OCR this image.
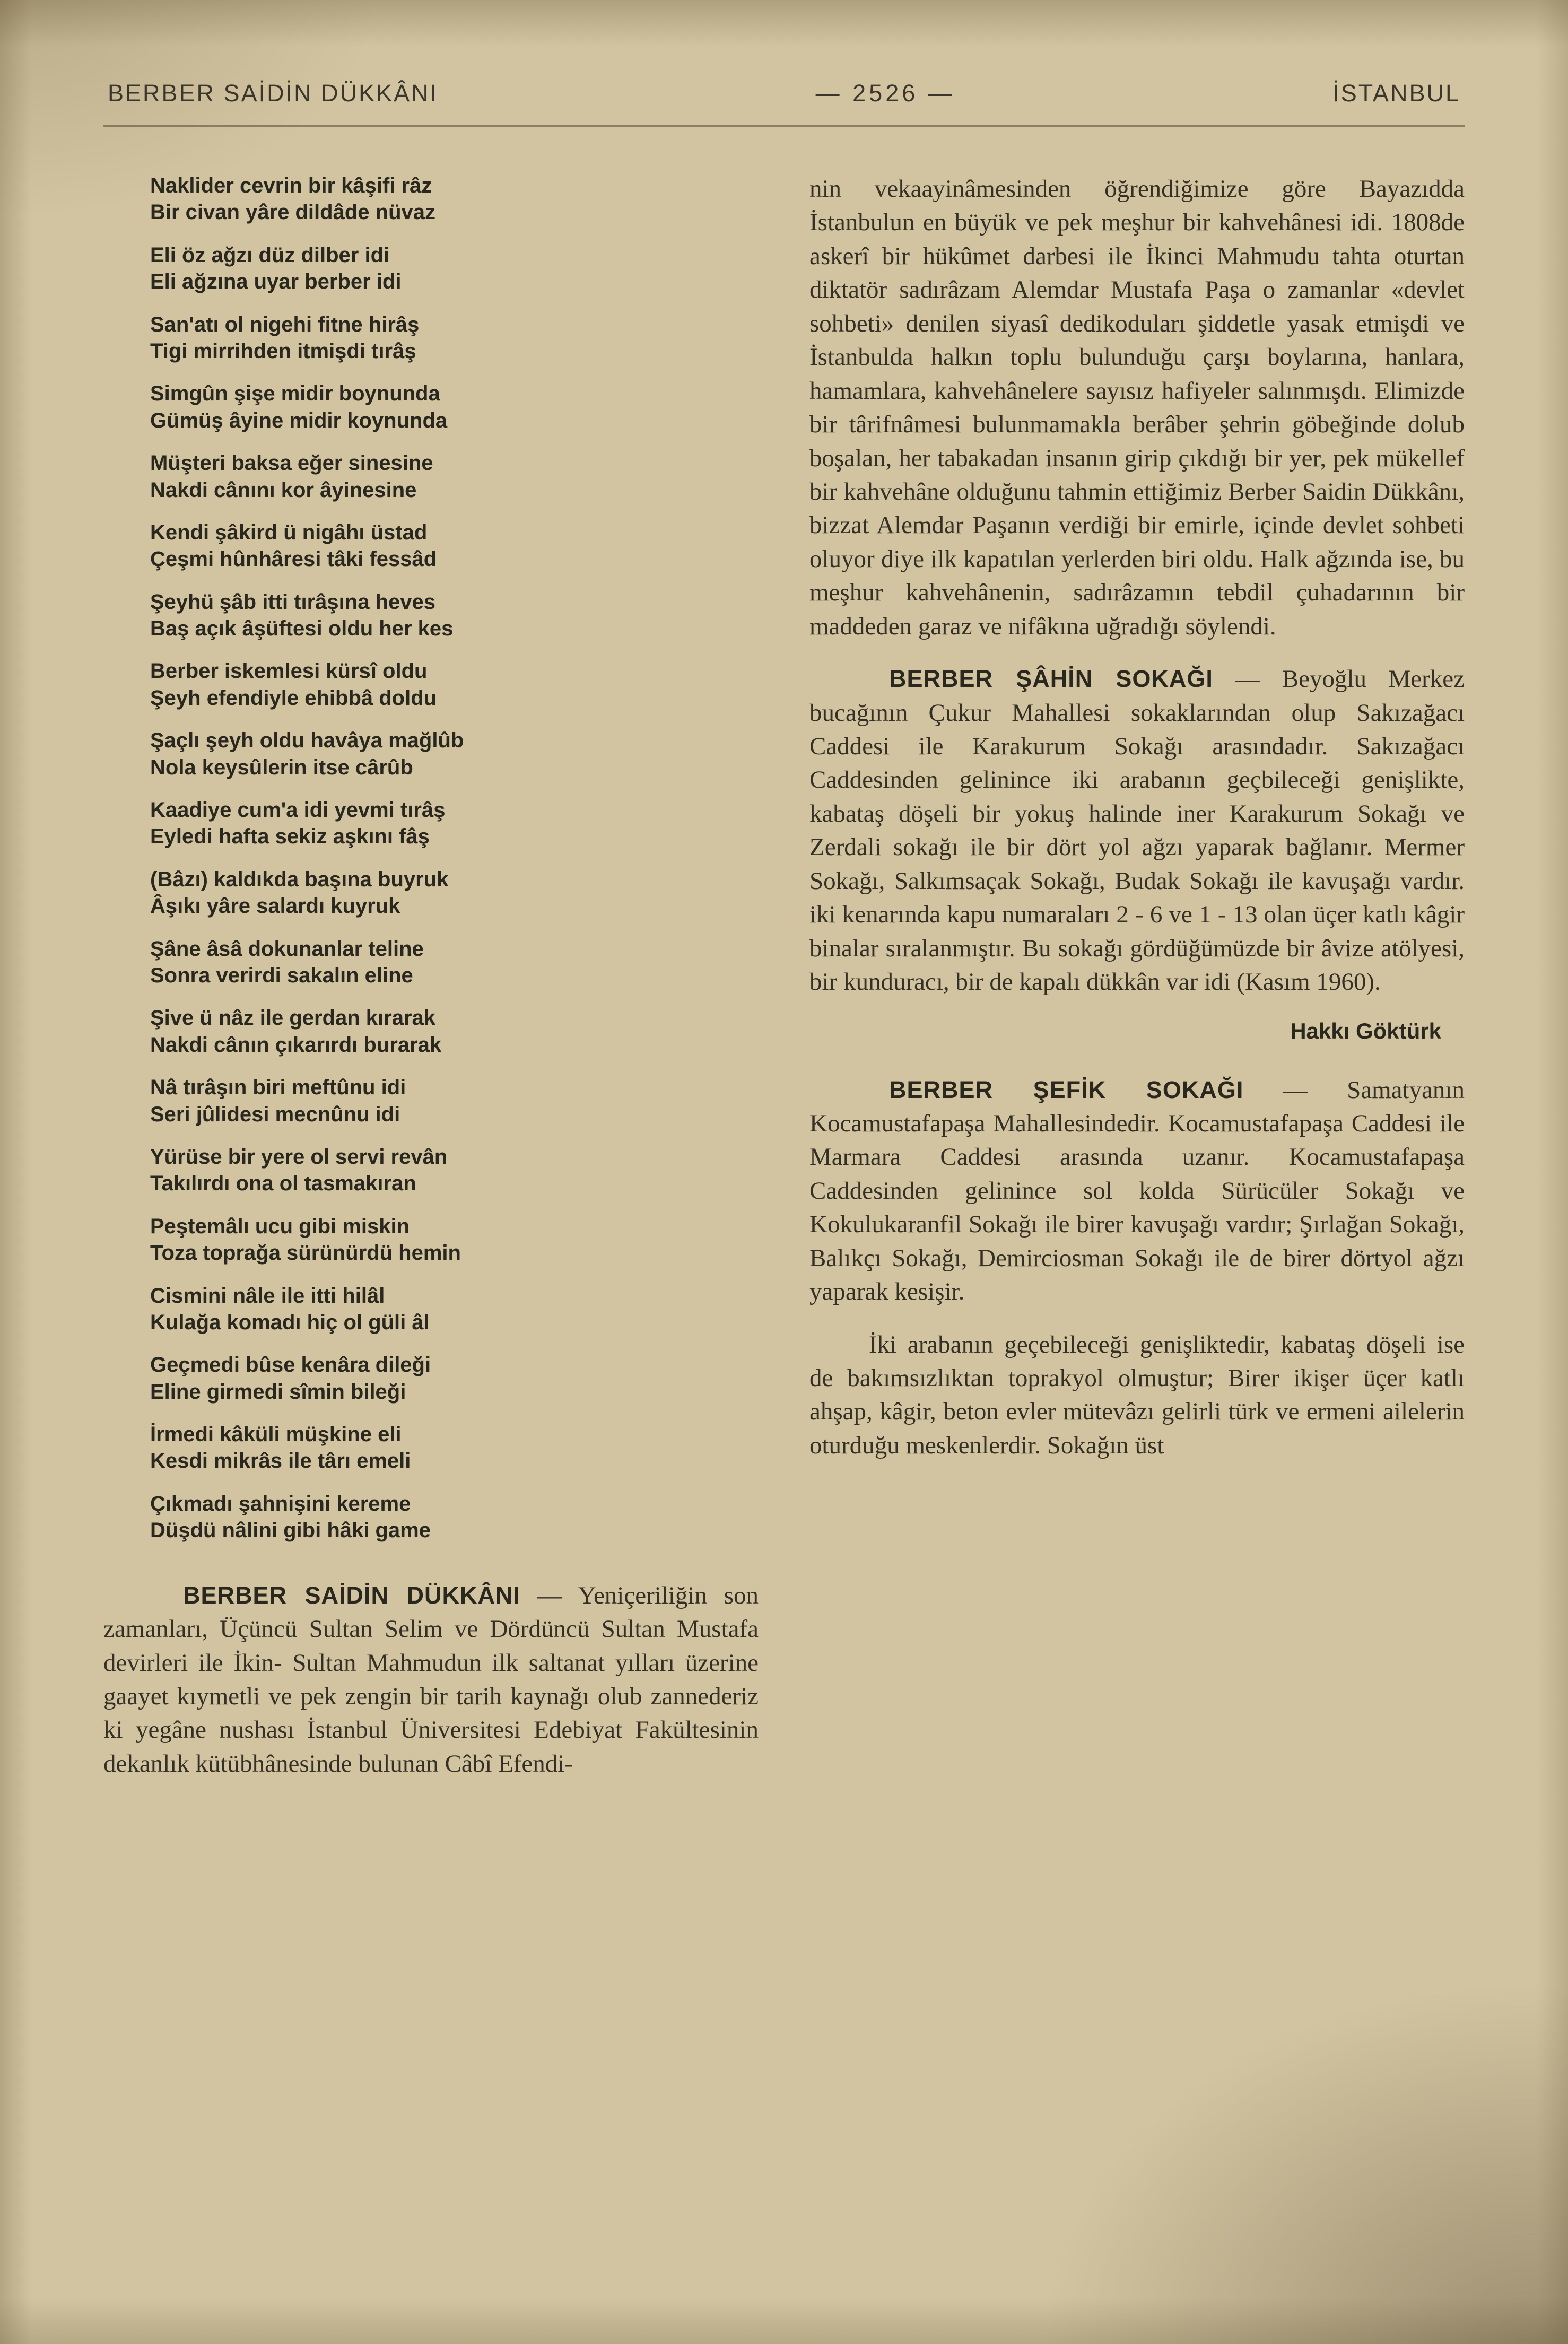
BERBER SAİDİN DÜKKÂNI	— 2526 —	İSTANBUL
Naklider cevrin bir kâşifi râz
Bir civan yâre dildâde nüvaz
Eli öz ağzı düz dilber idi
Eli ağzına uyar berber idi
San'atı ol nigehi fitne hirâş
Tigi mirrihden itmişdi tırâş
Simgûn şişe midir boynunda
Gümüş âyine midir koynunda
Müşteri baksa eğer sinesine
Nakdi cânını kor âyinesine
Kendi şâkird ü nigâhı üstad
Çeşmi hûnhâresi tâki fessâd
Şeyhü şâb itti tırâşına heves
Baş açık âşüftesi oldu her kes
Berber iskemlesi kürsî oldu
Şeyh efendiyle ehibbâ doldu
Şaçlı şeyh oldu havâya mağlûb
Nola keysûlerin itse cârûb
Kaadiye cum'a idi yevmi tırâş
Eyledi hafta sekiz aşkını fâş
(Bâzı) kaldıkda başına buyruk
Âşıkı yâre salardı kuyruk
Şâne âsâ dokunanlar teline
Sonra verirdi sakalın eline
Şive ü nâz ile gerdan kırarak
Nakdi cânın çıkarırdı burarak
Nâ tırâşın biri meftûnu idi
Seri jûlidesi mecnûnu idi
Yürüse bir yere ol servi revân
Takılırdı ona ol tasmakıran
Peştemâlı ucu gibi miskin
Toza toprağa sürünürdü hemin
Cismini nâle ile itti hilâl
Kulağa komadı hiç ol güli âl
Geçmedi bûse kenâra dileği
Eline girmedi sîmin bileği
İrmedi kâküli müşkine eli
Kesdi mikrâs ile târı emeli
Çıkmadı şahnişini kereme
Düşdü nâlini gibi hâki game

BERBER SAİDİN DÜKKÂNI — Yeniçeriliğin son zamanları, Üçüncü Sultan Selim ve Dördüncü Sultan Mustafa devirleri ile İkin- Sultan Mahmudun ilk saltanat yılları üzerine gaayet kıymetli ve pek zengin bir tarih kaynağı olub zannederiz ki yegâne nushası İstanbul Üniversitesi Edebiyat Fakültesinin dekanlık kütübhânesinde bulunan Câbî Efendi-

nin vekaayinâmesinden öğrendiğimize göre Bayazıdda İstanbulun en büyük ve pek meşhur bir kahvehânesi idi. 1808de askerî bir hükûmet darbesi ile İkinci Mahmudu tahta oturtan diktatör sadırâzam Alemdar Mustafa Paşa o zamanlar «devlet sohbeti» denilen siyasî dedikoduları şiddetle yasak etmişdi ve İstanbulda halkın toplu bulunduğu çarşı boylarına, hanlara, hamamlara, kahvehânelere sayısız hafiyeler salınmışdı. Elimizde bir târifnâmesi bulunmamakla berâber şehrin göbeğinde dolub boşalan, her tabakadan insanın girip çıkdığı bir yer, pek mükellef bir kahvehâne olduğunu tahmin ettiğimiz Berber Saidin Dükkânı, bizzat Alemdar Paşanın verdiği bir emirle, içinde devlet sohbeti oluyor diye ilk kapatılan yerlerden biri oldu. Halk ağzında ise, bu meşhur kahvehânenin, sadırâzamın tebdil çuhadarının bir maddeden garaz ve nifâkına uğradığı söylendi.

BERBER ŞÂHİN SOKAĞI — Beyoğlu Merkez bucağının Çukur Mahallesi sokaklarından olup Sakızağacı Caddesi ile Karakurum Sokağı arasındadır. Sakızağacı Caddesinden gelinince iki arabanın geçbileceği genişlikte, kabataş döşeli bir yokuş halinde iner Karakurum Sokağı ve Zerdali sokağı ile bir dört yol ağzı yaparak bağlanır. Mermer Sokağı, Salkımsaçak Sokağı, Budak Sokağı ile kavuşağı vardır. iki kenarında kapu numaraları 2 - 6 ve 1 - 13 olan üçer katlı kâgir binalar sıralanmıştır. Bu sokağı gördüğümüzde bir âvize atölyesi, bir kunduracı, bir de kapalı dükkân var idi (Kasım 1960).

Hakkı Göktürk

BERBER ŞEFİK SOKAĞI — Samatyanın Kocamustafapaşa Mahallesindedir. Kocamustafapaşa Caddesi ile Marmara Caddesi arasında uzanır. Kocamustafapaşa Caddesinden gelinince sol kolda Sürücüler Sokağı ve Kokulukaranfil Sokağı ile birer kavuşağı vardır; Şırlağan Sokağı, Balıkçı Sokağı, Demirciosman Sokağı ile de birer dörtyol ağzı yaparak kesişir.

İki arabanın geçebileceği genişliktedir, kabataş döşeli ise de bakımsızlıktan toprakyol olmuştur; Birer ikişer üçer katlı ahşap, kâgir, beton evler mütevâzı gelirli türk ve ermeni ailelerin oturduğu meskenlerdir. Sokağın üst
